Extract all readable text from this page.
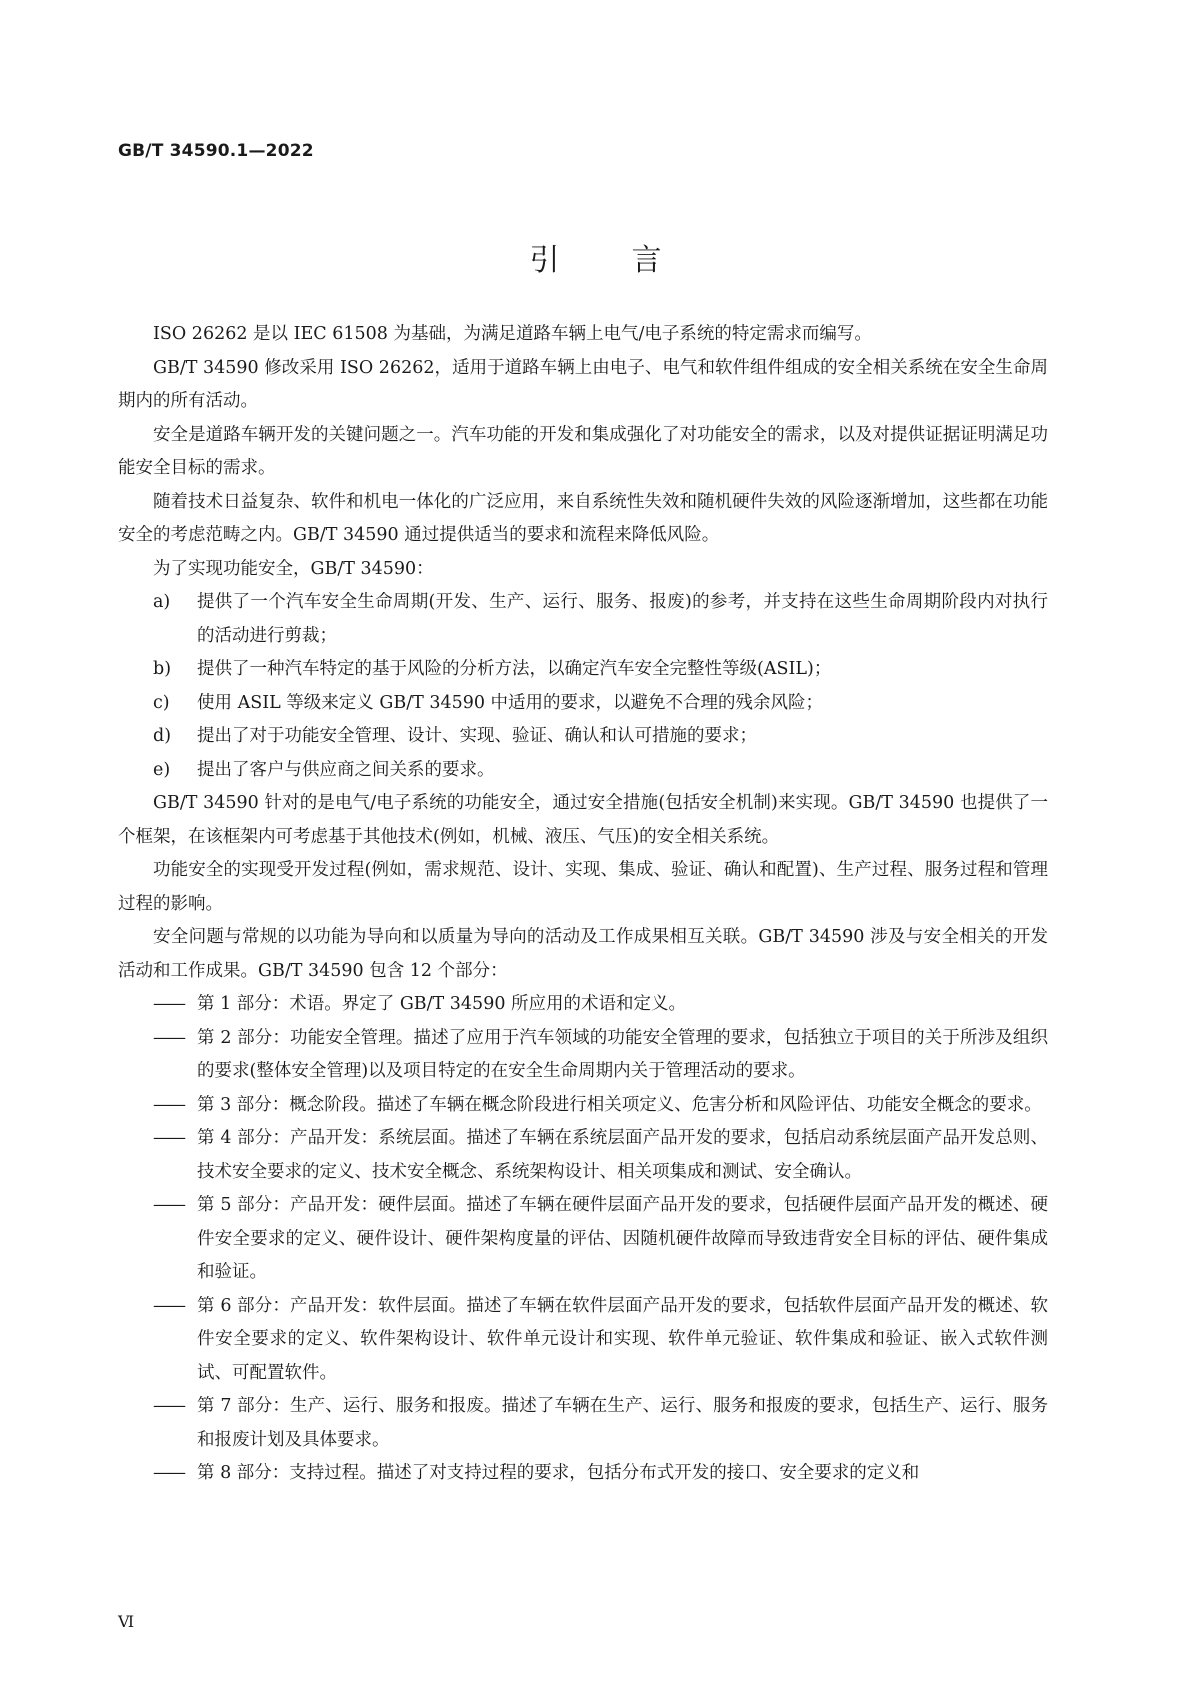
GB/T 34590.1—2022
引 言

ISO 26262 是以 IEC 61508 为基础，为满足道路车辆上电气/电子系统的特定需求而编写。

GB/T 34590 修改采用 ISO 26262，适用于道路车辆上由电子、电气和软件组件组成的安全相关系统在安全生命周期内的所有活动。

安全是道路车辆开发的关键问题之一。汽车功能的开发和集成强化了对功能安全的需求，以及对提供证据证明满足功能安全目标的需求。

随着技术日益复杂、软件和机电一体化的广泛应用，来自系统性失效和随机硬件失效的风险逐渐增加，这些都在功能安全的考虑范畴之内。GB/T 34590 通过提供适当的要求和流程来降低风险。

为了实现功能安全，GB/T 34590：

a)	提供了一个汽车安全生命周期(开发、生产、运行、服务、报废)的参考，并支持在这些生命周期阶段内对执行的活动进行剪裁；
b)	提供了一种汽车特定的基于风险的分析方法，以确定汽车安全完整性等级(ASIL)；
c)	使用 ASIL 等级来定义 GB/T 34590 中适用的要求，以避免不合理的残余风险；
d)	提出了对于功能安全管理、设计、实现、验证、确认和认可措施的要求；
e)	提出了客户与供应商之间关系的要求。

GB/T 34590 针对的是电气/电子系统的功能安全，通过安全措施(包括安全机制)来实现。GB/T 34590 也提供了一个框架，在该框架内可考虑基于其他技术(例如，机械、液压、气压)的安全相关系统。

功能安全的实现受开发过程(例如，需求规范、设计、实现、集成、验证、确认和配置)、生产过程、服务过程和管理过程的影响。

安全问题与常规的以功能为导向和以质量为导向的活动及工作成果相互关联。GB/T 34590 涉及与安全相关的开发活动和工作成果。GB/T 34590 包含 12 个部分：

—— 第 1 部分：术语。界定了 GB/T 34590 所应用的术语和定义。
—— 第 2 部分：功能安全管理。描述了应用于汽车领域的功能安全管理的要求，包括独立于项目的关于所涉及组织的要求(整体安全管理)以及项目特定的在安全生命周期内关于管理活动的要求。
—— 第 3 部分：概念阶段。描述了车辆在概念阶段进行相关项定义、危害分析和风险评估、功能安全概念的要求。
—— 第 4 部分：产品开发：系统层面。描述了车辆在系统层面产品开发的要求，包括启动系统层面产品开发总则、技术安全要求的定义、技术安全概念、系统架构设计、相关项集成和测试、安全确认。
—— 第 5 部分：产品开发：硬件层面。描述了车辆在硬件层面产品开发的要求，包括硬件层面产品开发的概述、硬件安全要求的定义、硬件设计、硬件架构度量的评估、因随机硬件故障而导致违背安全目标的评估、硬件集成和验证。
—— 第 6 部分：产品开发：软件层面。描述了车辆在软件层面产品开发的要求，包括软件层面产品开发的概述、软件安全要求的定义、软件架构设计、软件单元设计和实现、软件单元验证、软件集成和验证、嵌入式软件测试、可配置软件。
—— 第 7 部分：生产、运行、服务和报废。描述了车辆在生产、运行、服务和报废的要求，包括生产、运行、服务和报废计划及具体要求。
—— 第 8 部分：支持过程。描述了对支持过程的要求，包括分布式开发的接口、安全要求的定义和
Ⅵ
